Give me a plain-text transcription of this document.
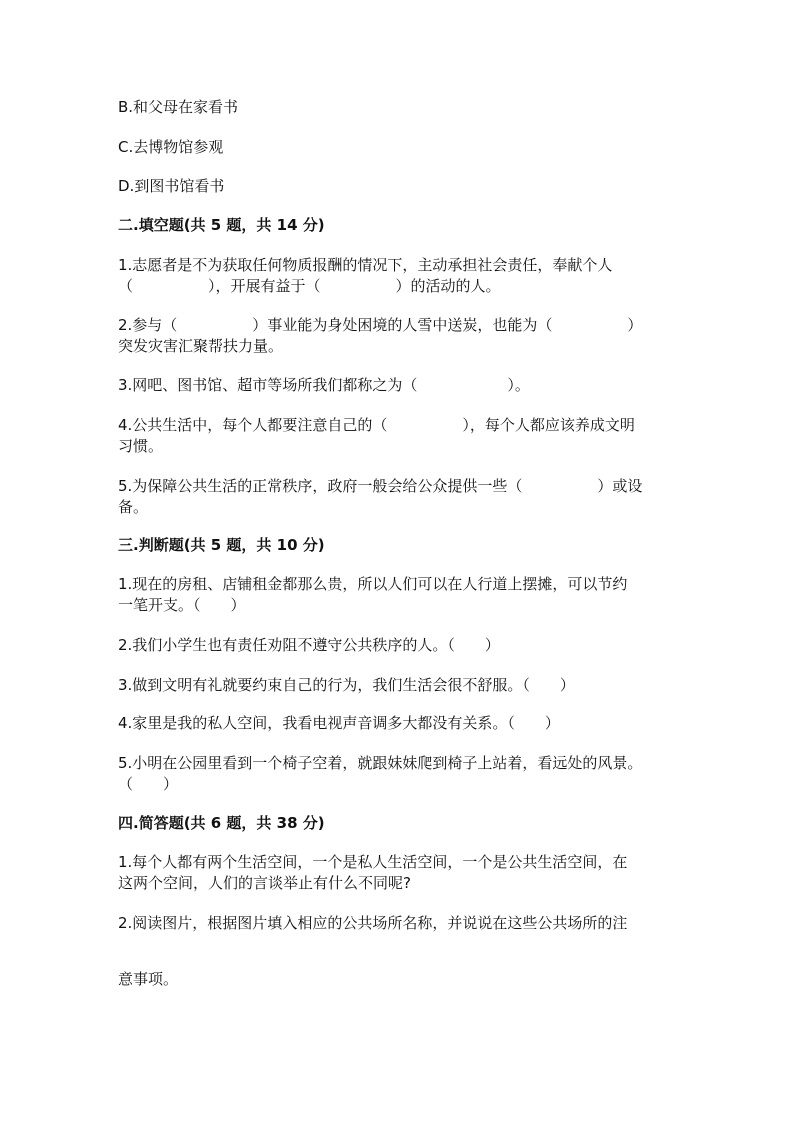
B.和父母在家看书

C.去博物馆参观

D.到图书馆看书

二.填空题(共 5 题，共 14 分)

1.志愿者是不为获取任何物质报酬的情况下，主动承担社会责任，奉献个人

（　　　　　），开展有益于（　　　　　）的活动的人。

2.参与（　　　　　）事业能为身处困境的人雪中送炭，也能为（　　　　　）

突发灾害汇聚帮扶力量。

3.网吧、图书馆、超市等场所我们都称之为（　　　　　　）。

4.公共生活中，每个人都要注意自己的（　　　　　），每个人都应该养成文明

习惯。

5.为保障公共生活的正常秩序，政府一般会给公众提供一些（　　　　　）或设

备。

三.判断题(共 5 题，共 10 分)

1.现在的房租、店铺租金都那么贵，所以人们可以在人行道上摆摊，可以节约

一笔开支。（　　）

2.我们小学生也有责任劝阻不遵守公共秩序的人。（　　）

3.做到文明有礼就要约束自己的行为，我们生活会很不舒服。（　　）

4.家里是我的私人空间，我看电视声音调多大都没有关系。（　　）

5.小明在公园里看到一个椅子空着，就跟妹妹爬到椅子上站着，看远处的风景。

（　　）

四.简答题(共 6 题，共 38 分)

1.每个人都有两个生活空间，一个是私人生活空间，一个是公共生活空间，在

这两个空间，人们的言谈举止有什么不同呢?

2.阅读图片，根据图片填入相应的公共场所名称，并说说在这些公共场所的注

意事项。
